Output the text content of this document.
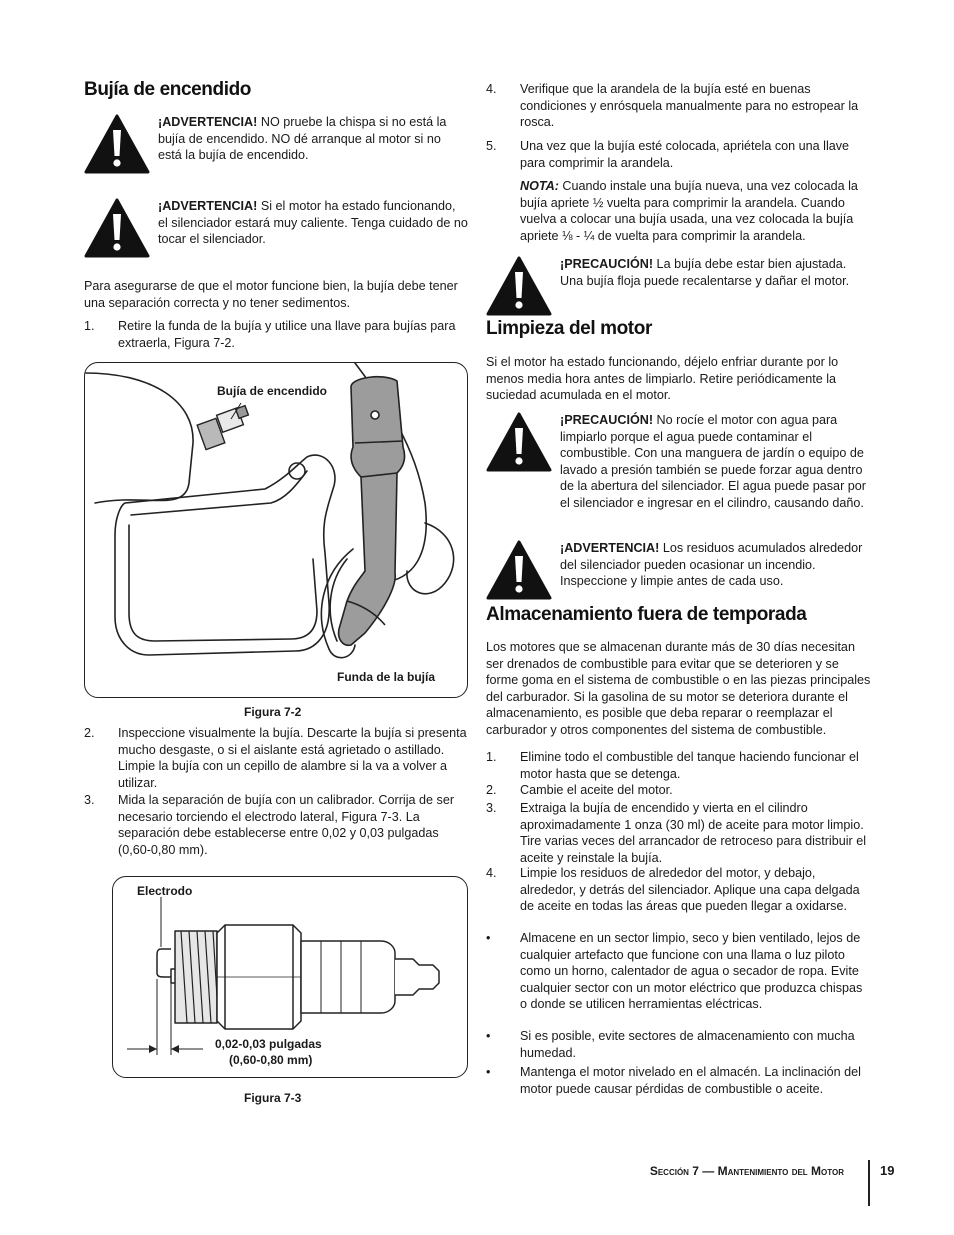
Bujía de encendido
¡ADVERTENCIA! NO pruebe la chispa si no está la bujía de encendido. NO dé arranque al motor si no está la bujía de encendido.
¡ADVERTENCIA! Si el motor ha estado funcionando, el silenciador estará muy caliente. Tenga cuidado de no tocar el silenciador.

Para asegurarse de que el motor funcione bien, la bujía debe tener una separación correcta y no tener sedimentos.

1. Retire la funda de la bujía y utilice una llave para bujías para extraerla, Figura 7-2.
Bujía de encendido
Funda de la bujía
Figura 7-2
2. Inspeccione visualmente la bujía. Descarte la bujía si presenta mucho desgaste, o si el aislante está agrietado o astillado. Limpie la bujía con un cepillo de alambre si la va a volver a utilizar.
3. Mida la separación de bujía con un calibrador. Corrija de ser necesario torciendo el electrodo lateral, Figura 7-3. La separación debe establecerse entre 0,02 y 0,03 pulgadas (0,60-0,80 mm).
Electrodo
0,02-0,03 pulgadas
(0,60-0,80 mm)
Figura 7-3
4. Verifique que la arandela de la bujía esté en buenas condiciones y enrósquela manualmente para no estropear la rosca.
5. Una vez que la bujía esté colocada, apriétela con una llave para comprimir la arandela.

NOTA: Cuando instale una bujía nueva, una vez colocada la bujía apriete ½ vuelta para comprimir la arandela. Cuando vuelva a colocar una bujía usada, una vez colocada la bujía apriete ⅛ - ¼ de vuelta para comprimir la arandela.

¡PRECAUCIÓN! La bujía debe estar bien ajustada. Una bujía floja puede recalentarse y dañar el motor.
Limpieza del motor

Si el motor ha estado funcionando, déjelo enfriar durante por lo menos media hora antes de limpiarlo. Retire periódicamente la suciedad acumulada en el motor.

¡PRECAUCIÓN! No rocíe el motor con agua para limpiarlo porque el agua puede contaminar el combustible. Con una manguera de jardín o equipo de lavado a presión también se puede forzar agua dentro de la abertura del silenciador. El agua puede pasar por el silenciador e ingresar en el cilindro, causando daño.
¡ADVERTENCIA! Los residuos acumulados alrededor del silenciador pueden ocasionar un incendio. Inspeccione y limpie antes de cada uso.
Almacenamiento fuera de temporada

Los motores que se almacenan durante más de 30 días necesitan ser drenados de combustible para evitar que se deterioren y se forme goma en el sistema de combustible o en las piezas principales del carburador. Si la gasolina de su motor se deteriora durante el almacenamiento, es posible que deba reparar o reemplazar el carburador y otros componentes del sistema de combustible.

1. Elimine todo el combustible del tanque haciendo funcionar el motor hasta que se detenga.
2. Cambie el aceite del motor.
3. Extraiga la bujía de encendido y vierta en el cilindro aproximadamente 1 onza (30 ml) de aceite para motor limpio. Tire varias veces del arrancador de retroceso para distribuir el aceite y reinstale la bujía.
4. Limpie los residuos de alrededor del motor, y debajo, alrededor, y detrás del silenciador. Aplique una capa delgada de aceite en todas las áreas que pueden llegar a oxidarse.
• Almacene en un sector limpio, seco y bien ventilado, lejos de cualquier artefacto que funcione con una llama o luz piloto como un horno, calentador de agua o secador de ropa. Evite cualquier sector con un motor eléctrico que produzca chispas o donde se utilicen herramientas eléctricas.
• Si es posible, evite sectores de almacenamiento con mucha humedad.
• Mantenga el motor nivelado en el almacén. La inclinación del motor puede causar pérdidas de combustible o aceite.
Sección 7 — Mantenimiento del Motor	19
